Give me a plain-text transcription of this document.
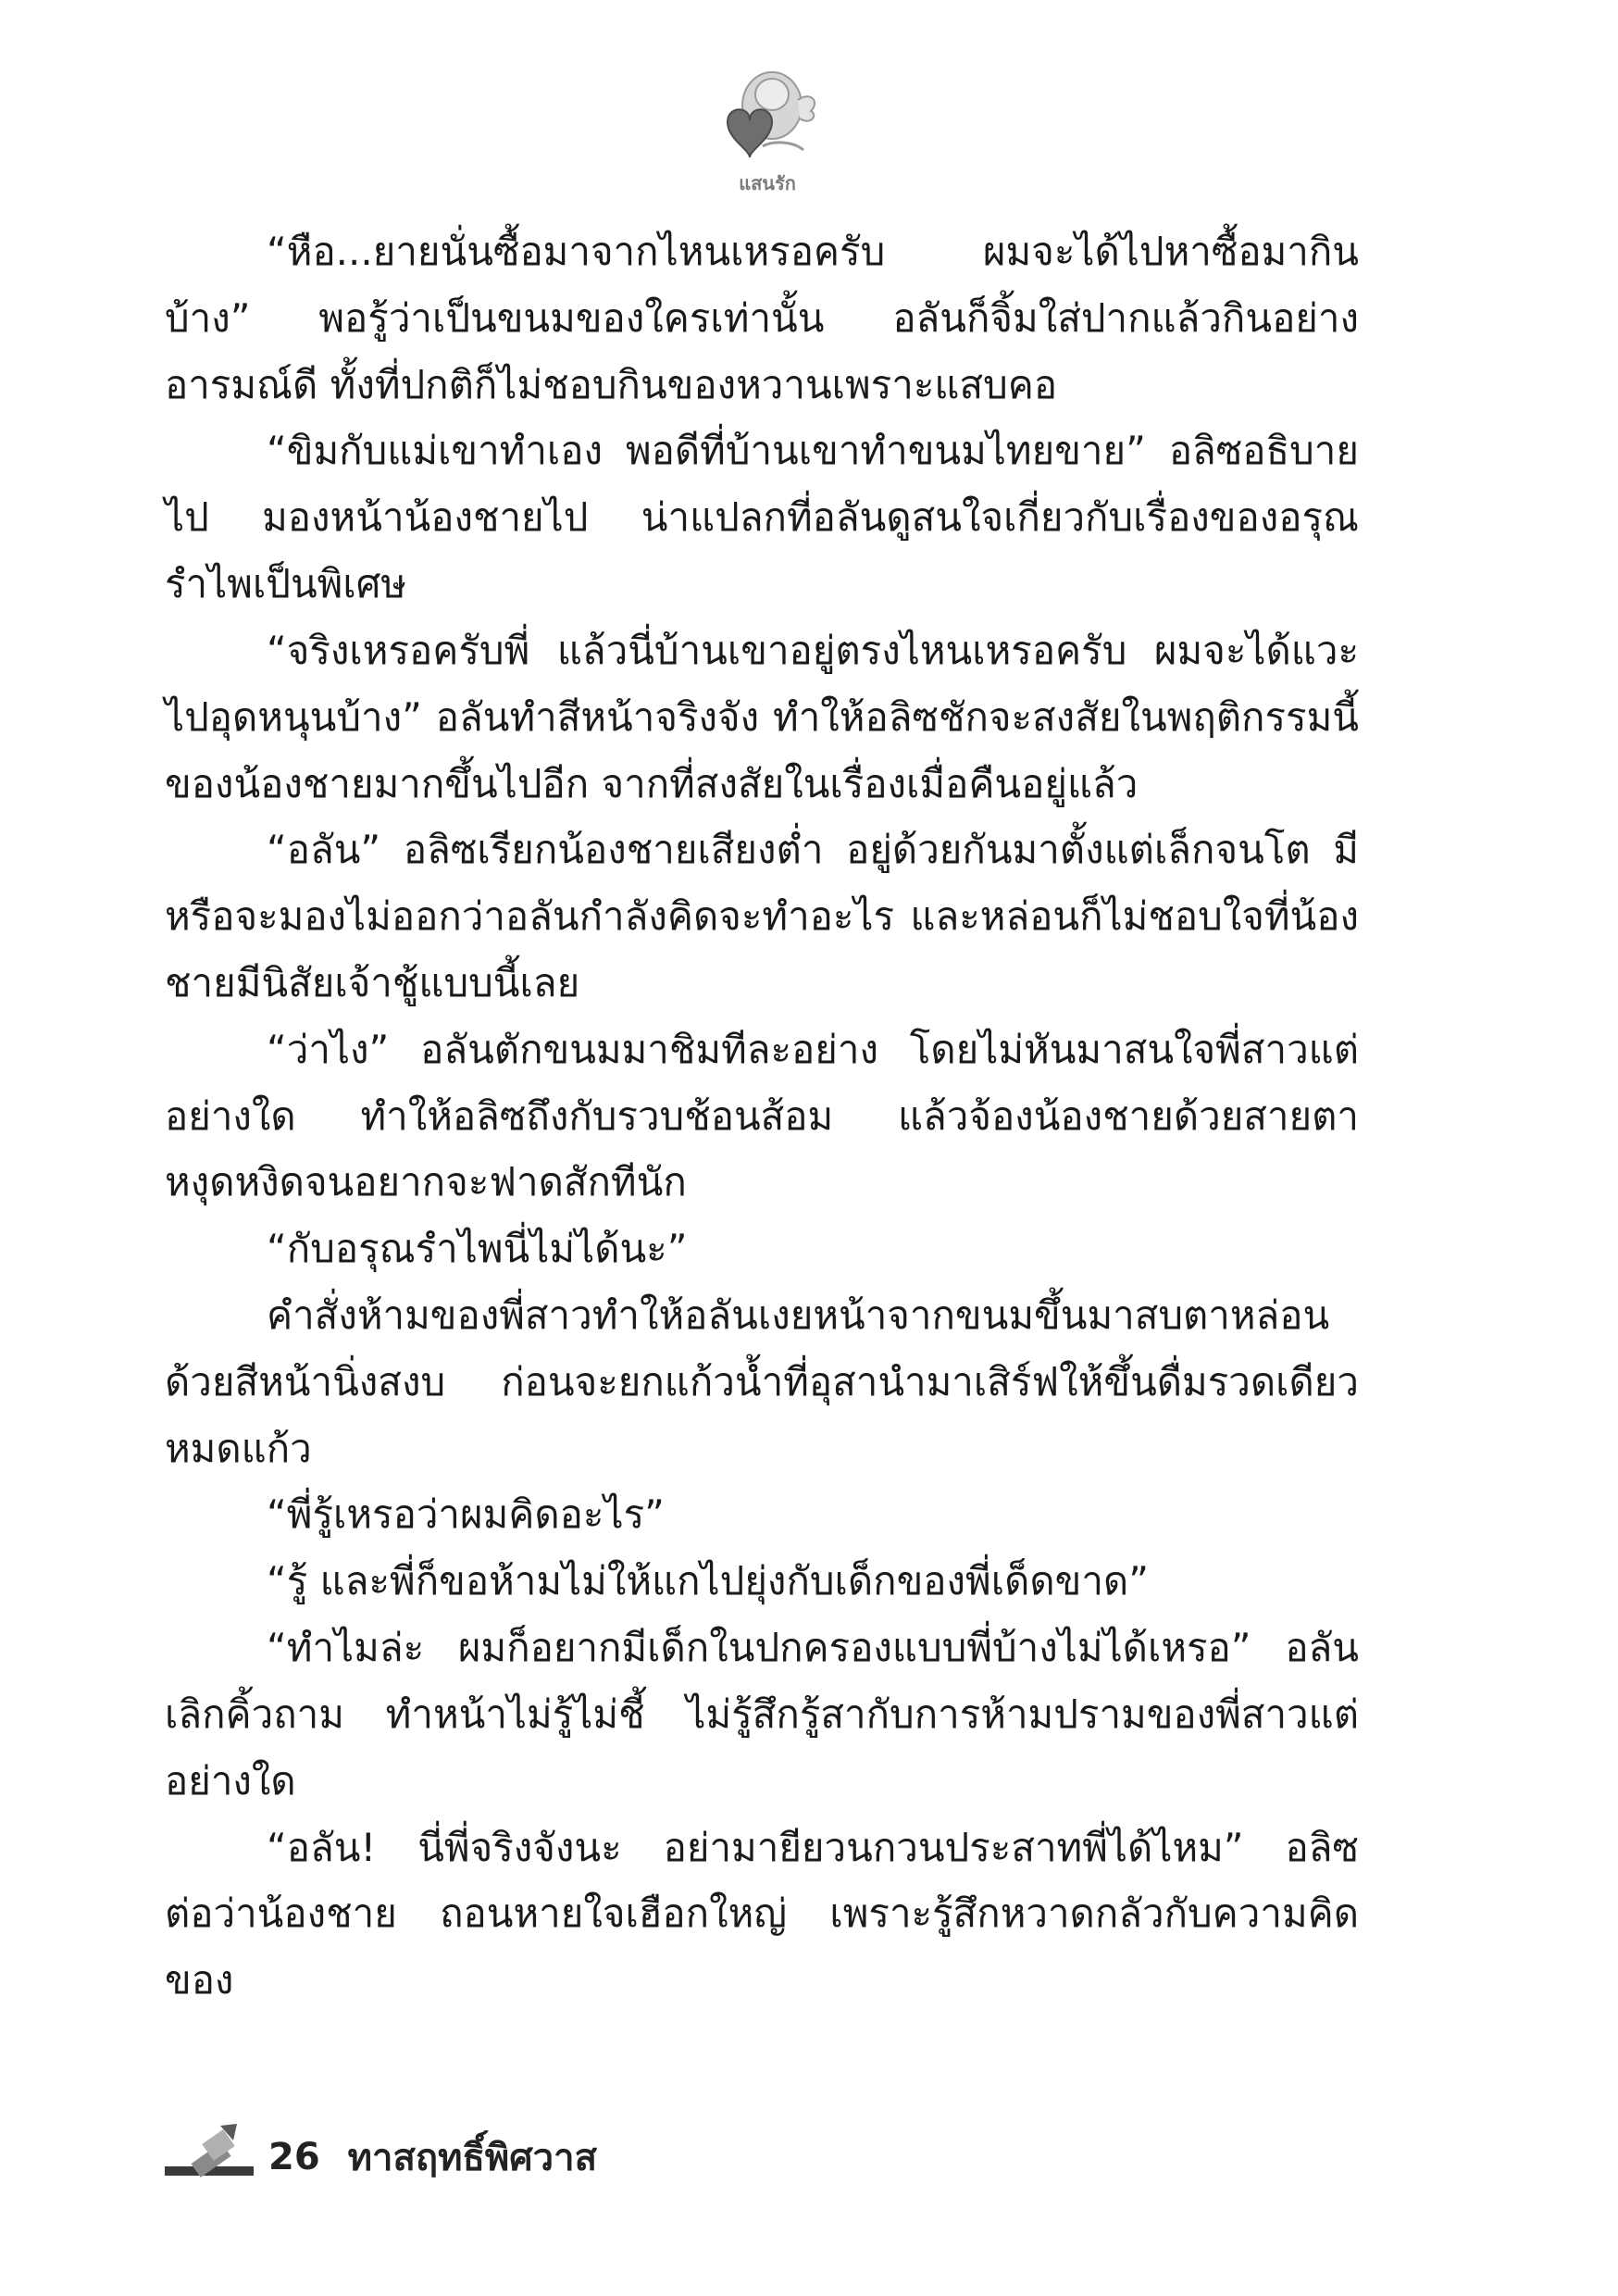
แสนรัก

“หือ...ยายนั่นซื้อมาจากไหนเหรอครับ ผมจะได้ไปหาซื้อมากินบ้าง” พอรู้ว่าเป็นขนมของใครเท่านั้น อลันก็จิ้มใส่ปากแล้วกินอย่างอารมณ์ดี ทั้งที่ปกติก็ไม่ชอบกินของหวานเพราะแสบคอ

“ขิมกับแม่เขาทำเอง พอดีที่บ้านเขาทำขนมไทยขาย” อลิซอธิบายไป มองหน้าน้องชายไป น่าแปลกที่อลันดูสนใจเกี่ยวกับเรื่องของอรุณรำไพเป็นพิเศษ

“จริงเหรอครับพี่ แล้วนี่บ้านเขาอยู่ตรงไหนเหรอครับ ผมจะได้แวะไปอุดหนุนบ้าง” อลันทำสีหน้าจริงจัง ทำให้อลิซชักจะสงสัยในพฤติกรรมนี้ของน้องชายมากขึ้นไปอีก จากที่สงสัยในเรื่องเมื่อคืนอยู่แล้ว

“อลัน” อลิซเรียกน้องชายเสียงต่ำ อยู่ด้วยกันมาตั้งแต่เล็กจนโต มีหรือจะมองไม่ออกว่าอลันกำลังคิดจะทำอะไร และหล่อนก็ไม่ชอบใจที่น้องชายมีนิสัยเจ้าชู้แบบนี้เลย

“ว่าไง” อลันตักขนมมาชิมทีละอย่าง โดยไม่หันมาสนใจพี่สาวแต่อย่างใด ทำให้อลิซถึงกับรวบช้อนส้อม แล้วจ้องน้องชายด้วยสายตาหงุดหงิดจนอยากจะฟาดสักทีนัก

“กับอรุณรำไพนี่ไม่ได้นะ”

คำสั่งห้ามของพี่สาวทำให้อลันเงยหน้าจากขนมขึ้นมาสบตาหล่อนด้วยสีหน้านิ่งสงบ ก่อนจะยกแก้วน้ำที่อุสานำมาเสิร์ฟให้ขึ้นดื่มรวดเดียวหมดแก้ว

“พี่รู้เหรอว่าผมคิดอะไร”

“รู้ และพี่ก็ขอห้ามไม่ให้แกไปยุ่งกับเด็กของพี่เด็ดขาด”

“ทำไมล่ะ ผมก็อยากมีเด็กในปกครองแบบพี่บ้างไม่ได้เหรอ” อลันเลิกคิ้วถาม ทำหน้าไม่รู้ไม่ชี้ ไม่รู้สึกรู้สากับการห้ามปรามของพี่สาวแต่อย่างใด

“อลัน! นี่พี่จริงจังนะ อย่ามายียวนกวนประสาทพี่ได้ไหม” อลิซต่อว่าน้องชาย ถอนหายใจเฮือกใหญ่ เพราะรู้สึกหวาดกลัวกับความคิดของ

26 ทาสฤทธิ์พิศวาส
